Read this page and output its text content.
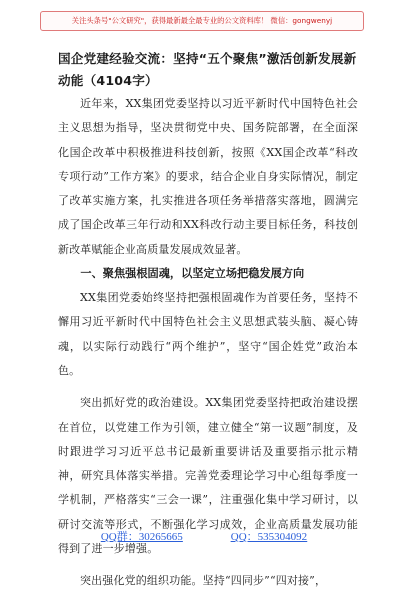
关注头条号"公文研究"，获得最新最全最专业的公文资料库！ 微信：gongwenyj

国企党建经验交流：坚持“五个聚焦”激活创新发展新动能（4104字）

近年来，XX集团党委坚持以习近平新时代中国特色社会主义思想为指导，坚决贯彻党中央、国务院部署，在全面深化国企改革中积极推进科技创新，按照《XX国企改革“科改专项行动”工作方案》的要求，结合企业自身实际情况，制定了改革实施方案，扎实推进各项任务举措落实落地，圆满完成了国企改革三年行动和XX科改行动主要目标任务，科技创新改革赋能企业高质量发展成效显著。

一、聚焦强根固魂，以坚定立场把稳发展方向

XX集团党委始终坚持把强根固魂作为首要任务，坚持不懈用习近平新时代中国特色社会主义思想武装头脑、凝心铸魂，以实际行动践行“两个维护”，坚守“国企姓党”政治本色。

突出抓好党的政治建设。XX集团党委坚持把政治建设摆在首位，以党建工作为引领，建立健全“第一议题”制度，及时跟进学习习近平总书记最新重要讲话及重要指示批示精神，研究具体落实举措。完善党委理论学习中心组每季度一学机制，严格落实“三会一课”，注重强化集中学习研讨，以研讨交流等形式，不断强化学习成效，企业高质量发展功能得到了进一步增强。

突出强化党的组织功能。坚持“四同步”“四对接”，

QQ群：30265665	QQ：535304092
